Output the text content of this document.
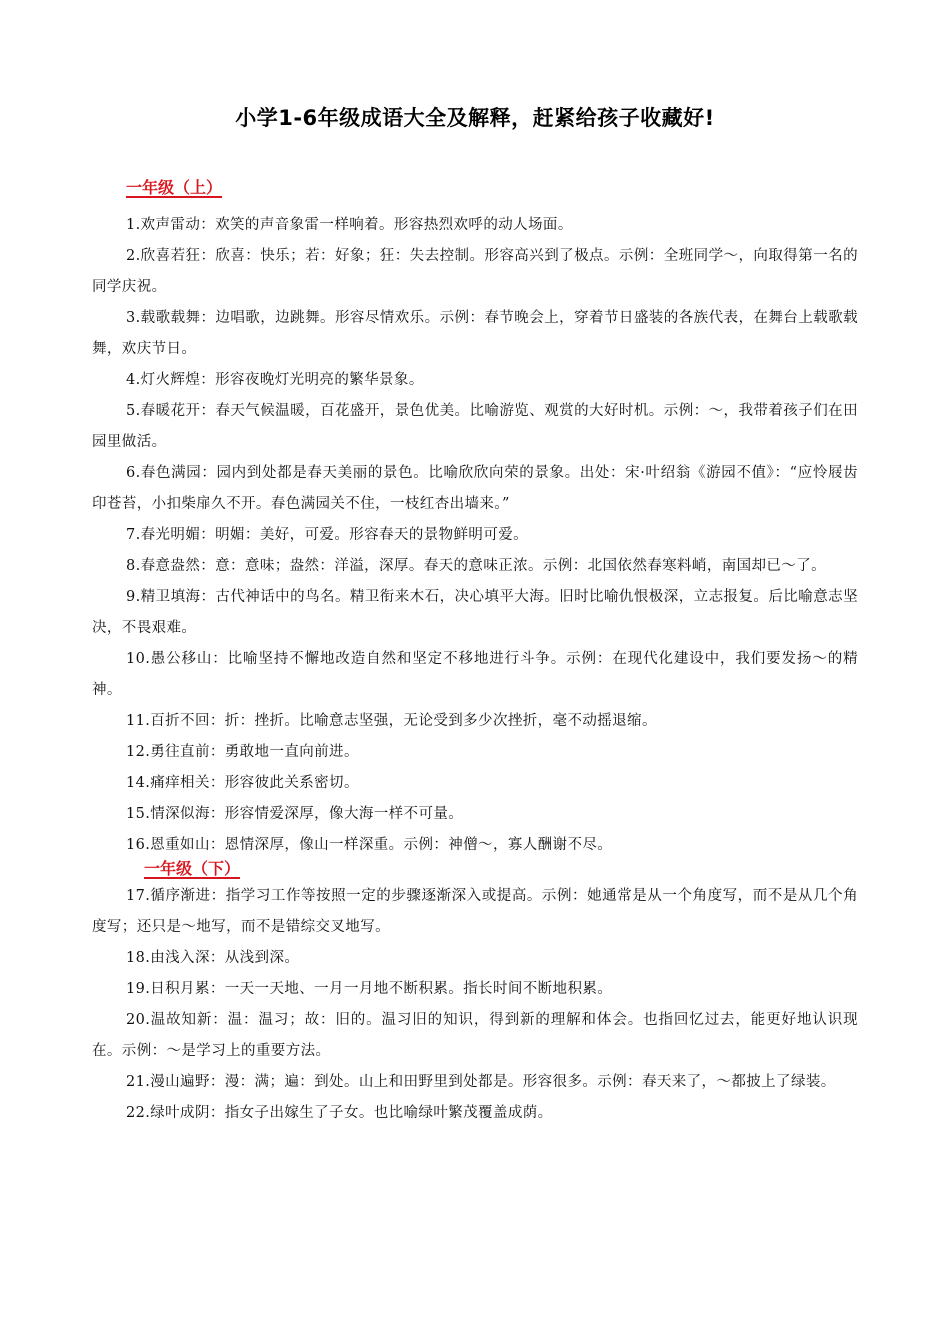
小学1-6年级成语大全及解释，赶紧给孩子收藏好!
一年级（上）

1.欢声雷动：欢笑的声音象雷一样响着。形容热烈欢呼的动人场面。

2.欣喜若狂：欣喜：快乐；若：好象；狂：失去控制。形容高兴到了极点。示例：全班同学～，向取得第一名的同学庆祝。

3.载歌载舞：边唱歌，边跳舞。形容尽情欢乐。示例：春节晚会上，穿着节日盛装的各族代表，在舞台上载歌载舞，欢庆节日。

4.灯火辉煌：形容夜晚灯光明亮的繁华景象。

5.春暖花开：春天气候温暖，百花盛开，景色优美。比喻游览、观赏的大好时机。示例：～，我带着孩子们在田园里做活。

6.春色满园：园内到处都是春天美丽的景色。比喻欣欣向荣的景象。出处：宋·叶绍翁《游园不值》：“应怜屐齿印苍苔，小扣柴扉久不开。春色满园关不住，一枝红杏出墙来。”

7.春光明媚：明媚：美好，可爱。形容春天的景物鲜明可爱。

8.春意盎然：意：意味；盎然：洋溢，深厚。春天的意味正浓。示例：北国依然春寒料峭，南国却已～了。

9.精卫填海：古代神话中的鸟名。精卫衔来木石，决心填平大海。旧时比喻仇恨极深，立志报复。后比喻意志坚决，不畏艰难。

10.愚公移山：比喻坚持不懈地改造自然和坚定不移地进行斗争。示例：在现代化建设中，我们要发扬～的精神。

11.百折不回：折：挫折。比喻意志坚强，无论受到多少次挫折，毫不动摇退缩。

12.勇往直前：勇敢地一直向前进。

14.痛痒相关：形容彼此关系密切。

15.情深似海：形容情爱深厚，像大海一样不可量。

16.恩重如山：恩情深厚，像山一样深重。示例：神僧～，寡人酬谢不尽。

一年级（下）

17.循序渐进：指学习工作等按照一定的步骤逐渐深入或提高。示例：她通常是从一个角度写，而不是从几个角度写；还只是～地写，而不是错综交叉地写。

18.由浅入深：从浅到深。

19.日积月累：一天一天地、一月一月地不断积累。指长时间不断地积累。

20.温故知新：温：温习；故：旧的。温习旧的知识，得到新的理解和体会。也指回忆过去，能更好地认识现在。示例：～是学习上的重要方法。

21.漫山遍野：漫：满；遍：到处。山上和田野里到处都是。形容很多。示例：春天来了，～都披上了绿装。

22.绿叶成阴：指女子出嫁生了子女。也比喻绿叶繁茂覆盖成荫。
